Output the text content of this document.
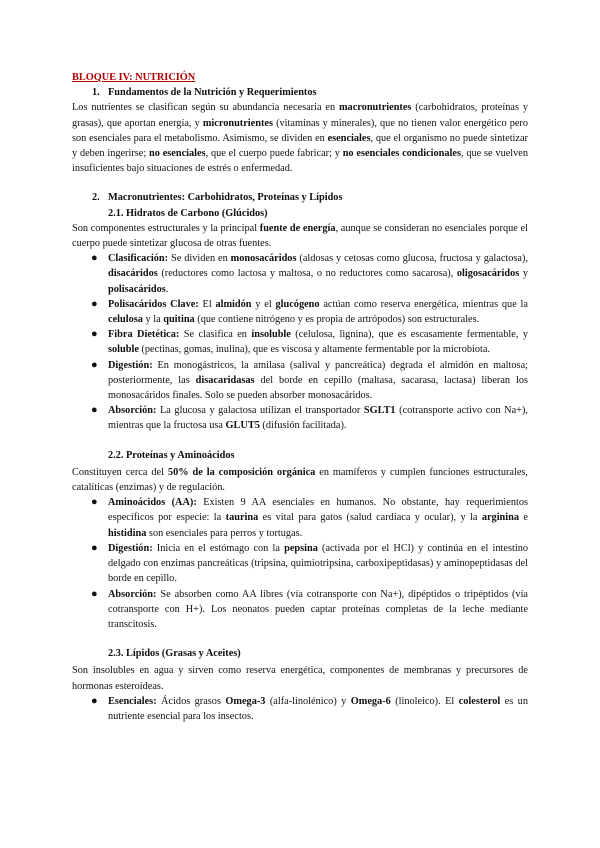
BLOQUE IV: NUTRICIÓN
1. Fundamentos de la Nutrición y Requerimientos

Los nutrientes se clasifican según su abundancia necesaria en macronutrientes (carbohidratos, proteínas y grasas), que aportan energía, y micronutrientes (vitaminas y minerales), que no tienen valor energético pero son esenciales para el metabolismo. Asimismo, se dividen en esenciales, que el organismo no puede sintetizar y deben ingerirse; no esenciales, que el cuerpo puede fabricar; y no esenciales condicionales, que se vuelven insuficientes bajo situaciones de estrés o enfermedad.

2. Macronutrientes: Carbohidratos, Proteínas y Lípidos
2.1. Hidratos de Carbono (Glúcidos)

Son componentes estructurales y la principal fuente de energía, aunque se consideran no esenciales porque el cuerpo puede sintetizar glucosa de otras fuentes.

● Clasificación: Se dividen en monosacáridos (aldosas y cetosas como glucosa, fructosa y galactosa), disacáridos (reductores como lactosa y maltosa, o no reductores como sacarosa), oligosacáridos y polisacáridos.
● Polisacáridos Clave: El almidón y el glucógeno actúan como reserva energética, mientras que la celulosa y la quitina (que contiene nitrógeno y es propia de artrópodos) son estructurales.
● Fibra Dietética: Se clasifica en insoluble (celulosa, lignina), que es escasamente fermentable, y soluble (pectinas, gomas, inulina), que es viscosa y altamente fermentable por la microbiota.
● Digestión: En monogástricos, la amilasa (salival y pancreática) degrada el almidón en maltosa; posteriormente, las disacaridasas del borde en cepillo (maltasa, sacarasa, lactasa) liberan los monosacáridos finales. Solo se pueden absorber monosacáridos.
● Absorción: La glucosa y galactosa utilizan el transportador SGLT1 (cotransporte activo con Na+), mientras que la fructosa usa GLUT5 (difusión facilitada).
2.2. Proteínas y Aminoácidos

Constituyen cerca del 50% de la composición orgánica en mamíferos y cumplen funciones estructurales, catalíticas (enzimas) y de regulación.

● Aminoácidos (AA): Existen 9 AA esenciales en humanos. No obstante, hay requerimientos específicos por especie: la taurina es vital para gatos (salud cardiaca y ocular), y la arginina e histidina son esenciales para perros y tortugas.
● Digestión: Inicia en el estómago con la pepsina (activada por el HCl) y continúa en el intestino delgado con enzimas pancreáticas (tripsina, quimiotripsina, carboxipeptidasas) y aminopeptidasas del borde en cepillo.
● Absorción: Se absorben como AA libres (vía cotransporte con Na+), dipéptidos o tripéptidos (vía cotransporte con H+). Los neonatos pueden captar proteínas completas de la leche mediante transcitosis.
2.3. Lípidos (Grasas y Aceites)

Son insolubles en agua y sirven como reserva energética, componentes de membranas y precursores de hormonas esteroideas.

● Esenciales: Ácidos grasos Omega-3 (alfa-linolénico) y Omega-6 (linoleico). El colesterol es un nutriente esencial para los insectos.
